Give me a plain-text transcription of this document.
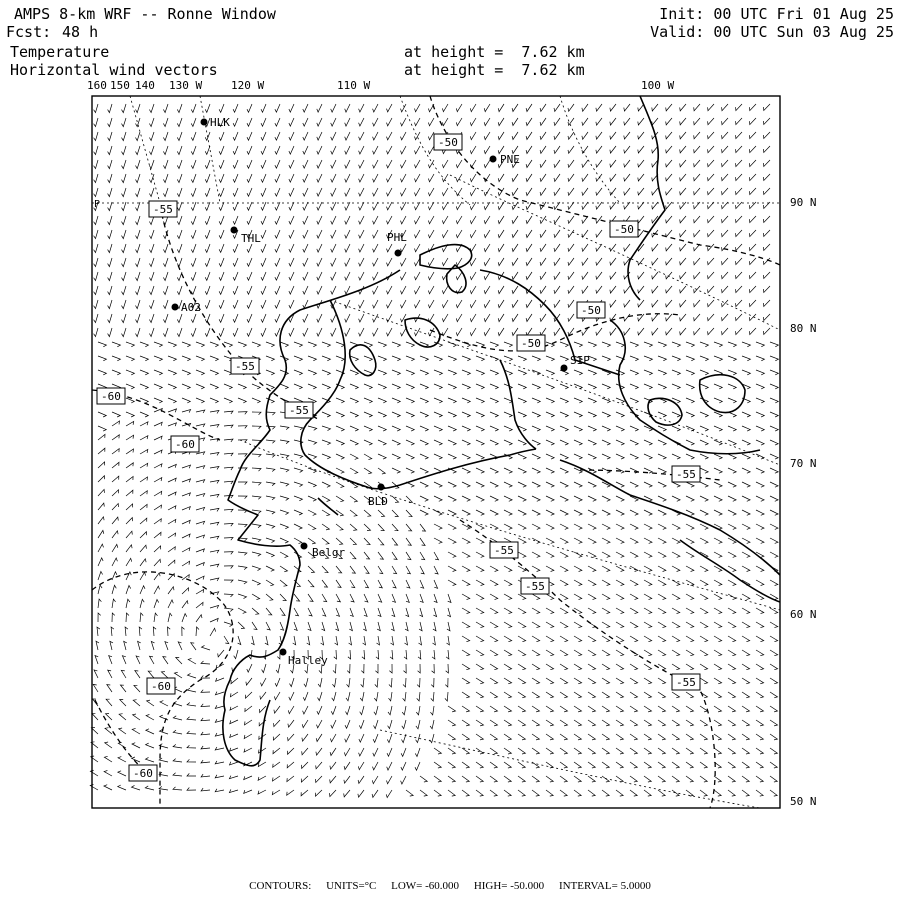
AMPS 8-km WRF -- Ronne Window
Fcst: 48 h
Init: 00 UTC Fri 01 Aug 25
Valid: 00 UTC Sun 03 Aug 25
Temperature
Horizontal wind vectors
at height =  7.62 km
at height =  7.62 km
160 150 140 130 W	120 W	110 W	100 W
90 N
80 N
70 N
60 N
50 N
P
HLK
PNE
THL	PHL
A02
SIP
BLD
Belgr
Halley
-50
-55
-50
-50
-50
-55
-55
-60
-60
-55
-55
-55
-55
-60
-60
CONTOURS: UNITS=°C LOW= -60.000 HIGH= -50.000 INTERVAL= 5.0000
